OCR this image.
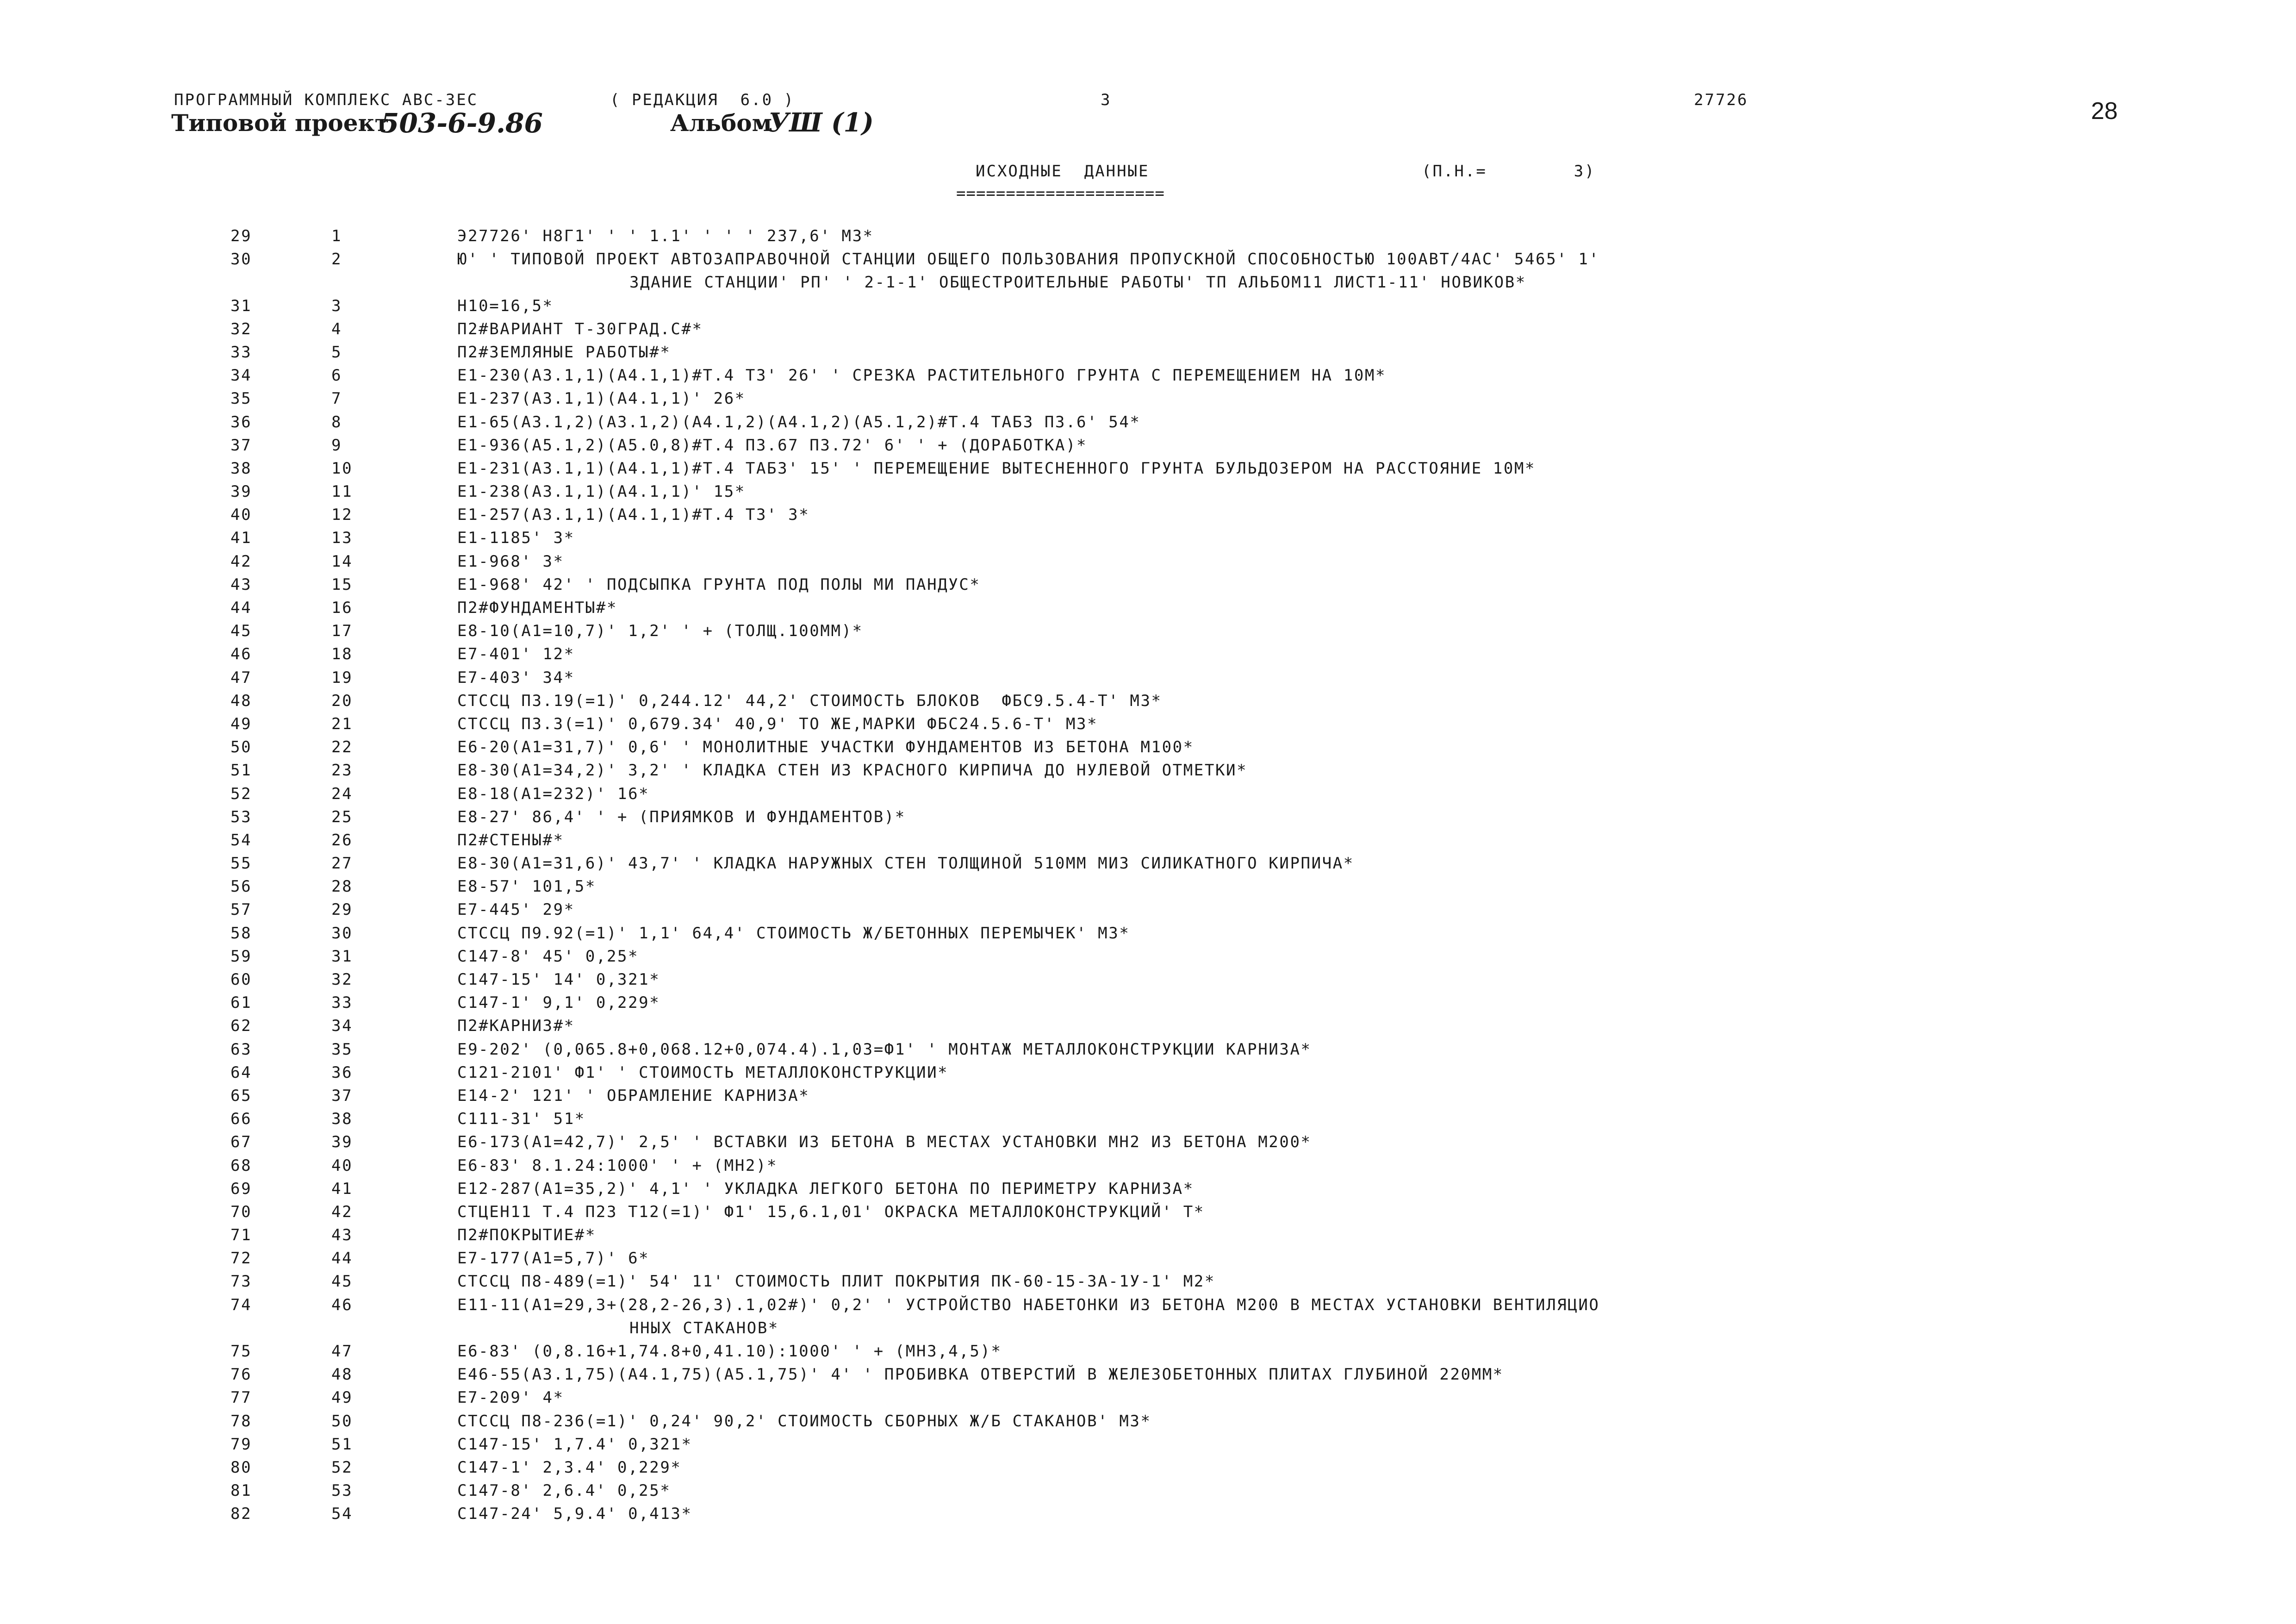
ПРОГРАММНЫЙ КОМПЛЕКС АВС-3ЕС	( РЕДАКЦИЯ  6.0 )	3	27726	28
Типовой проект
503-6-9.86	Альбом
УШ (1)
ИСХОДНЫЕ  ДАННЫЕ	(П.Н.=        3)
=====================
29	1	Э27726' Н8Г1' ' ' 1.1' ' ' ' 237,6' М3*
30	2	Ю' ' ТИПОВОЙ ПРОЕКТ АВТОЗАПРАВОЧНОЙ СТАНЦИИ ОБЩЕГО ПОЛЬЗОВАНИЯ ПРОПУСКНОЙ СПОСОБНОСТЬЮ 100АВТ/4АС' 5465' 1'
ЗДАНИЕ СТАНЦИИ' РП' ' 2-1-1' ОБЩЕСТРОИТЕЛЬНЫЕ РАБОТЫ' ТП АЛЬБОМ11 ЛИСТ1-11' НОВИКОВ*
31	3	Н10=16,5*
32	4	П2#ВАРИАНТ Т-30ГРАД.С#*
33	5	П2#ЗЕМЛЯНЫЕ РАБОТЫ#*
34	6	Е1-230(А3.1,1)(А4.1,1)#Т.4 Т3' 26' ' СРЕЗКА РАСТИТЕЛЬНОГО ГРУНТА С ПЕРЕМЕЩЕНИЕМ НА 10М*
35	7	Е1-237(А3.1,1)(А4.1,1)' 26*
36	8	Е1-65(А3.1,2)(А3.1,2)(А4.1,2)(А4.1,2)(А5.1,2)#Т.4 ТАБ3 П3.6' 54*
37	9	Е1-936(А5.1,2)(А5.0,8)#Т.4 П3.67 П3.72' 6' ' + (ДОРАБОТКА)*
38	10	Е1-231(А3.1,1)(А4.1,1)#Т.4 ТАБ3' 15' ' ПЕРЕМЕЩЕНИЕ ВЫТЕСНЕННОГО ГРУНТА БУЛЬДОЗЕРОМ НА РАССТОЯНИЕ 10М*
39	11	Е1-238(А3.1,1)(А4.1,1)' 15*
40	12	Е1-257(А3.1,1)(А4.1,1)#Т.4 Т3' 3*
41	13	Е1-1185' 3*
42	14	Е1-968' 3*
43	15	Е1-968' 42' ' ПОДСЫПКА ГРУНТА ПОД ПОЛЫ МИ ПАНДУС*
44	16	П2#ФУНДАМЕНТЫ#*
45	17	Е8-10(А1=10,7)' 1,2' ' + (ТОЛЩ.100ММ)*
46	18	Е7-401' 12*
47	19	Е7-403' 34*
48	20	СТССЦ П3.19(=1)' 0,244.12' 44,2' СТОИМОСТЬ БЛОКОВ  ФБС9.5.4-Т' М3*
49	21	СТССЦ П3.3(=1)' 0,679.34' 40,9' ТО ЖЕ,МАРКИ ФБС24.5.6-Т' М3*
50	22	Е6-20(А1=31,7)' 0,6' ' МОНОЛИТНЫЕ УЧАСТКИ ФУНДАМЕНТОВ ИЗ БЕТОНА М100*
51	23	Е8-30(А1=34,2)' 3,2' ' КЛАДКА СТЕН ИЗ КРАСНОГО КИРПИЧА ДО НУЛЕВОЙ ОТМЕТКИ*
52	24	Е8-18(А1=232)' 16*
53	25	Е8-27' 86,4' ' + (ПРИЯМКОВ И ФУНДАМЕНТОВ)*
54	26	П2#СТЕНЫ#*
55	27	Е8-30(А1=31,6)' 43,7' ' КЛАДКА НАРУЖНЫХ СТЕН ТОЛЩИНОЙ 510ММ МИЗ СИЛИКАТНОГО КИРПИЧА*
56	28	Е8-57' 101,5*
57	29	Е7-445' 29*
58	30	СТССЦ П9.92(=1)' 1,1' 64,4' СТОИМОСТЬ Ж/БЕТОННЫХ ПЕРЕМЫЧЕК' М3*
59	31	С147-8' 45' 0,25*
60	32	С147-15' 14' 0,321*
61	33	С147-1' 9,1' 0,229*
62	34	П2#КАРНИЗ#*
63	35	Е9-202' (0,065.8+0,068.12+0,074.4).1,03=Ф1' ' МОНТАЖ МЕТАЛЛОКОНСТРУКЦИИ КАРНИЗА*
64	36	С121-2101' Ф1' ' СТОИМОСТЬ МЕТАЛЛОКОНСТРУКЦИИ*
65	37	Е14-2' 121' ' ОБРАМЛЕНИЕ КАРНИЗА*
66	38	С111-31' 51*
67	39	Е6-173(А1=42,7)' 2,5' ' ВСТАВКИ ИЗ БЕТОНА В МЕСТАХ УСТАНОВКИ МН2 ИЗ БЕТОНА М200*
68	40	Е6-83' 8.1.24:1000' ' + (МН2)*
69	41	Е12-287(А1=35,2)' 4,1' ' УКЛАДКА ЛЕГКОГО БЕТОНА ПО ПЕРИМЕТРУ КАРНИЗА*
70	42	СТЦЕН11 Т.4 П23 Т12(=1)' Ф1' 15,6.1,01' ОКРАСКА МЕТАЛЛОКОНСТРУКЦИЙ' Т*
71	43	П2#ПОКРЫТИЕ#*
72	44	Е7-177(А1=5,7)' 6*
73	45	СТССЦ П8-489(=1)' 54' 11' СТОИМОСТЬ ПЛИТ ПОКРЫТИЯ ПК-60-15-3А-1У-1' М2*
74	46	Е11-11(А1=29,3+(28,2-26,3).1,02#)' 0,2' ' УСТРОЙСТВО НАБЕТОНКИ ИЗ БЕТОНА М200 В МЕСТАХ УСТАНОВКИ ВЕНТИЛЯЦИО
ННЫХ СТАКАНОВ*
75	47	Е6-83' (0,8.16+1,74.8+0,41.10):1000' ' + (МН3,4,5)*
76	48	Е46-55(А3.1,75)(А4.1,75)(А5.1,75)' 4' ' ПРОБИВКА ОТВЕРСТИЙ В ЖЕЛЕЗОБЕТОННЫХ ПЛИТАХ ГЛУБИНОЙ 220ММ*
77	49	Е7-209' 4*
78	50	СТССЦ П8-236(=1)' 0,24' 90,2' СТОИМОСТЬ СБОРНЫХ Ж/Б СТАКАНОВ' М3*
79	51	С147-15' 1,7.4' 0,321*
80	52	С147-1' 2,3.4' 0,229*
81	53	С147-8' 2,6.4' 0,25*
82	54	С147-24' 5,9.4' 0,413*
